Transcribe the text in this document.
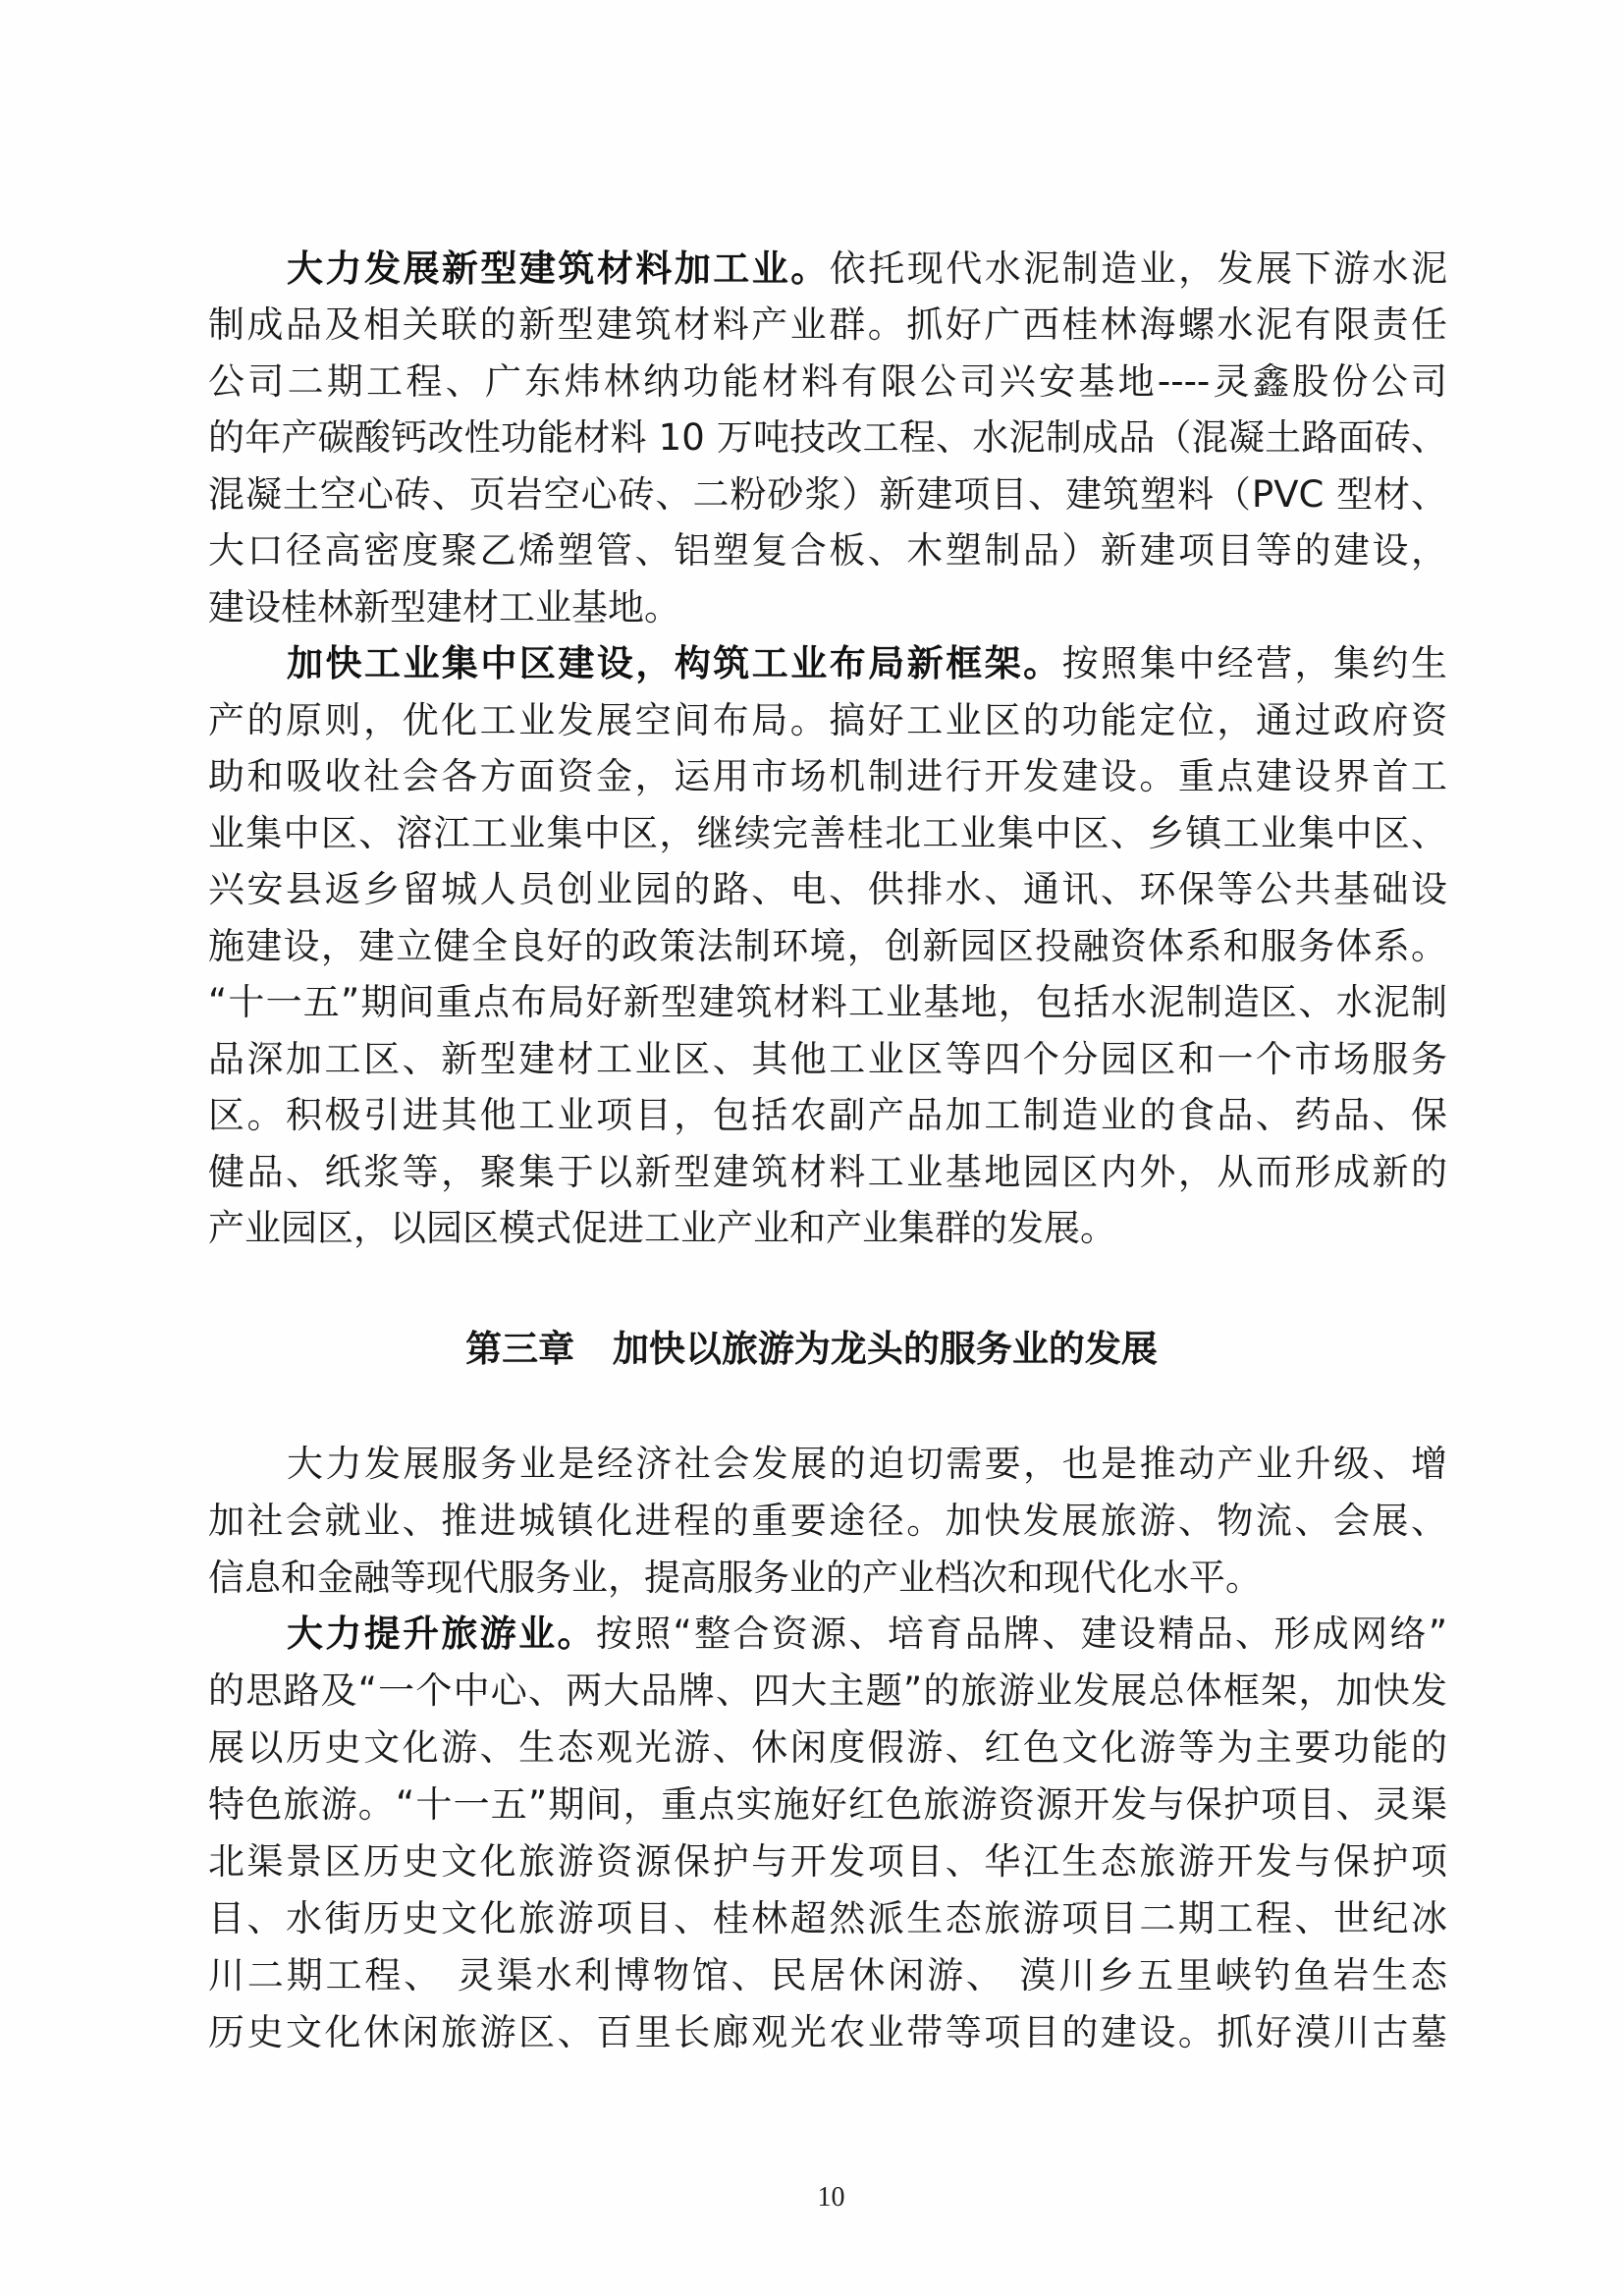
大力发展新型建筑材料加工业。依托现代水泥制造业，发展下游水泥
制成品及相关联的新型建筑材料产业群。抓好广西桂林海螺水泥有限责任
公司二期工程、广东炜林纳功能材料有限公司兴安基地----灵鑫股份公司
的年产碳酸钙改性功能材料 10 万吨技改工程、水泥制成品（混凝土路面砖、
混凝土空心砖、页岩空心砖、二粉砂浆）新建项目、建筑塑料（PVC 型材、
大口径高密度聚乙烯塑管、铝塑复合板、木塑制品）新建项目等的建设，
建设桂林新型建材工业基地。
加快工业集中区建设，构筑工业布局新框架。按照集中经营，集约生
产的原则，优化工业发展空间布局。搞好工业区的功能定位，通过政府资
助和吸收社会各方面资金，运用市场机制进行开发建设。重点建设界首工
业集中区、溶江工业集中区，继续完善桂北工业集中区、乡镇工业集中区、
兴安县返乡留城人员创业园的路、电、供排水、通讯、环保等公共基础设
施建设，建立健全良好的政策法制环境，创新园区投融资体系和服务体系。
“十一五”期间重点布局好新型建筑材料工业基地，包括水泥制造区、水泥制
品深加工区、新型建材工业区、其他工业区等四个分园区和一个市场服务
区。积极引进其他工业项目，包括农副产品加工制造业的食品、药品、保
健品、纸浆等，聚集于以新型建筑材料工业基地园区内外，从而形成新的
产业园区，以园区模式促进工业产业和产业集群的发展。
第三章   加快以旅游为龙头的服务业的发展
大力发展服务业是经济社会发展的迫切需要，也是推动产业升级、增
加社会就业、推进城镇化进程的重要途径。加快发展旅游、物流、会展、
信息和金融等现代服务业，提高服务业的产业档次和现代化水平。
大力提升旅游业。按照“整合资源、培育品牌、建设精品、形成网络”
的思路及“一个中心、两大品牌、四大主题”的旅游业发展总体框架，加快发
展以历史文化游、生态观光游、休闲度假游、红色文化游等为主要功能的
特色旅游。“十一五”期间，重点实施好红色旅游资源开发与保护项目、灵渠
北渠景区历史文化旅游资源保护与开发项目、华江生态旅游开发与保护项
目、水街历史文化旅游项目、桂林超然派生态旅游项目二期工程、世纪冰
川二期工程、 灵渠水利博物馆、民居休闲游、 漠川乡五里峡钓鱼岩生态
历史文化休闲旅游区、百里长廊观光农业带等项目的建设。抓好漠川古墓
10
